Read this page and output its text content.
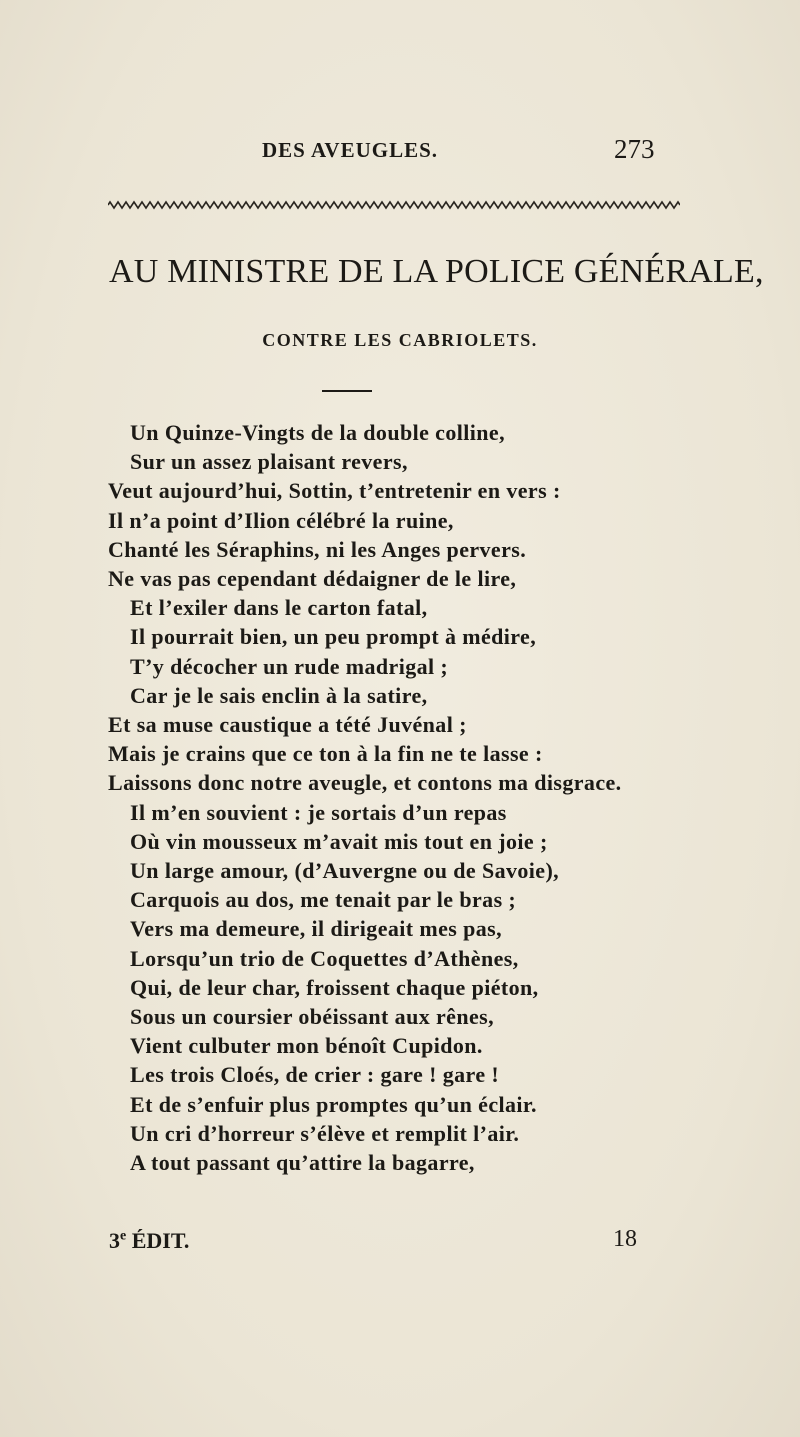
DES AVEUGLES.	273
AU MINISTRE DE LA POLICE GÉNÉRALE,
CONTRE LES CABRIOLETS.
Un Quinze-Vingts de la double colline,
Sur un assez plaisant revers,
Veut aujourd’hui, Sottin, t’entretenir en vers :
Il n’a point d’Ilion célébré la ruine,
Chanté les Séraphins, ni les Anges pervers.
Ne vas pas cependant dédaigner de le lire,
Et l’exiler dans le carton fatal,
Il pourrait bien, un peu prompt à médire,
T’y décocher un rude madrigal ;
Car je le sais enclin à la satire,
Et sa muse caustique a tété Juvénal ;
Mais je crains que ce ton à la fin ne te lasse :
Laissons donc notre aveugle, et contons ma disgrace.
Il m’en souvient : je sortais d’un repas
Où vin mousseux m’avait mis tout en joie ;
Un large amour, (d’Auvergne ou de Savoie),
Carquois au dos, me tenait par le bras ;
Vers ma demeure, il dirigeait mes pas,
Lorsqu’un trio de Coquettes d’Athènes,
Qui, de leur char, froissent chaque piéton,
Sous un coursier obéissant aux rênes,
Vient culbuter mon bénoît Cupidon.
Les trois Cloés, de crier : gare ! gare !
Et de s’enfuir plus promptes qu’un éclair.
Un cri d’horreur s’élève et remplit l’air.
A tout passant qu’attire la bagarre,
3e ÉDIT.	18
